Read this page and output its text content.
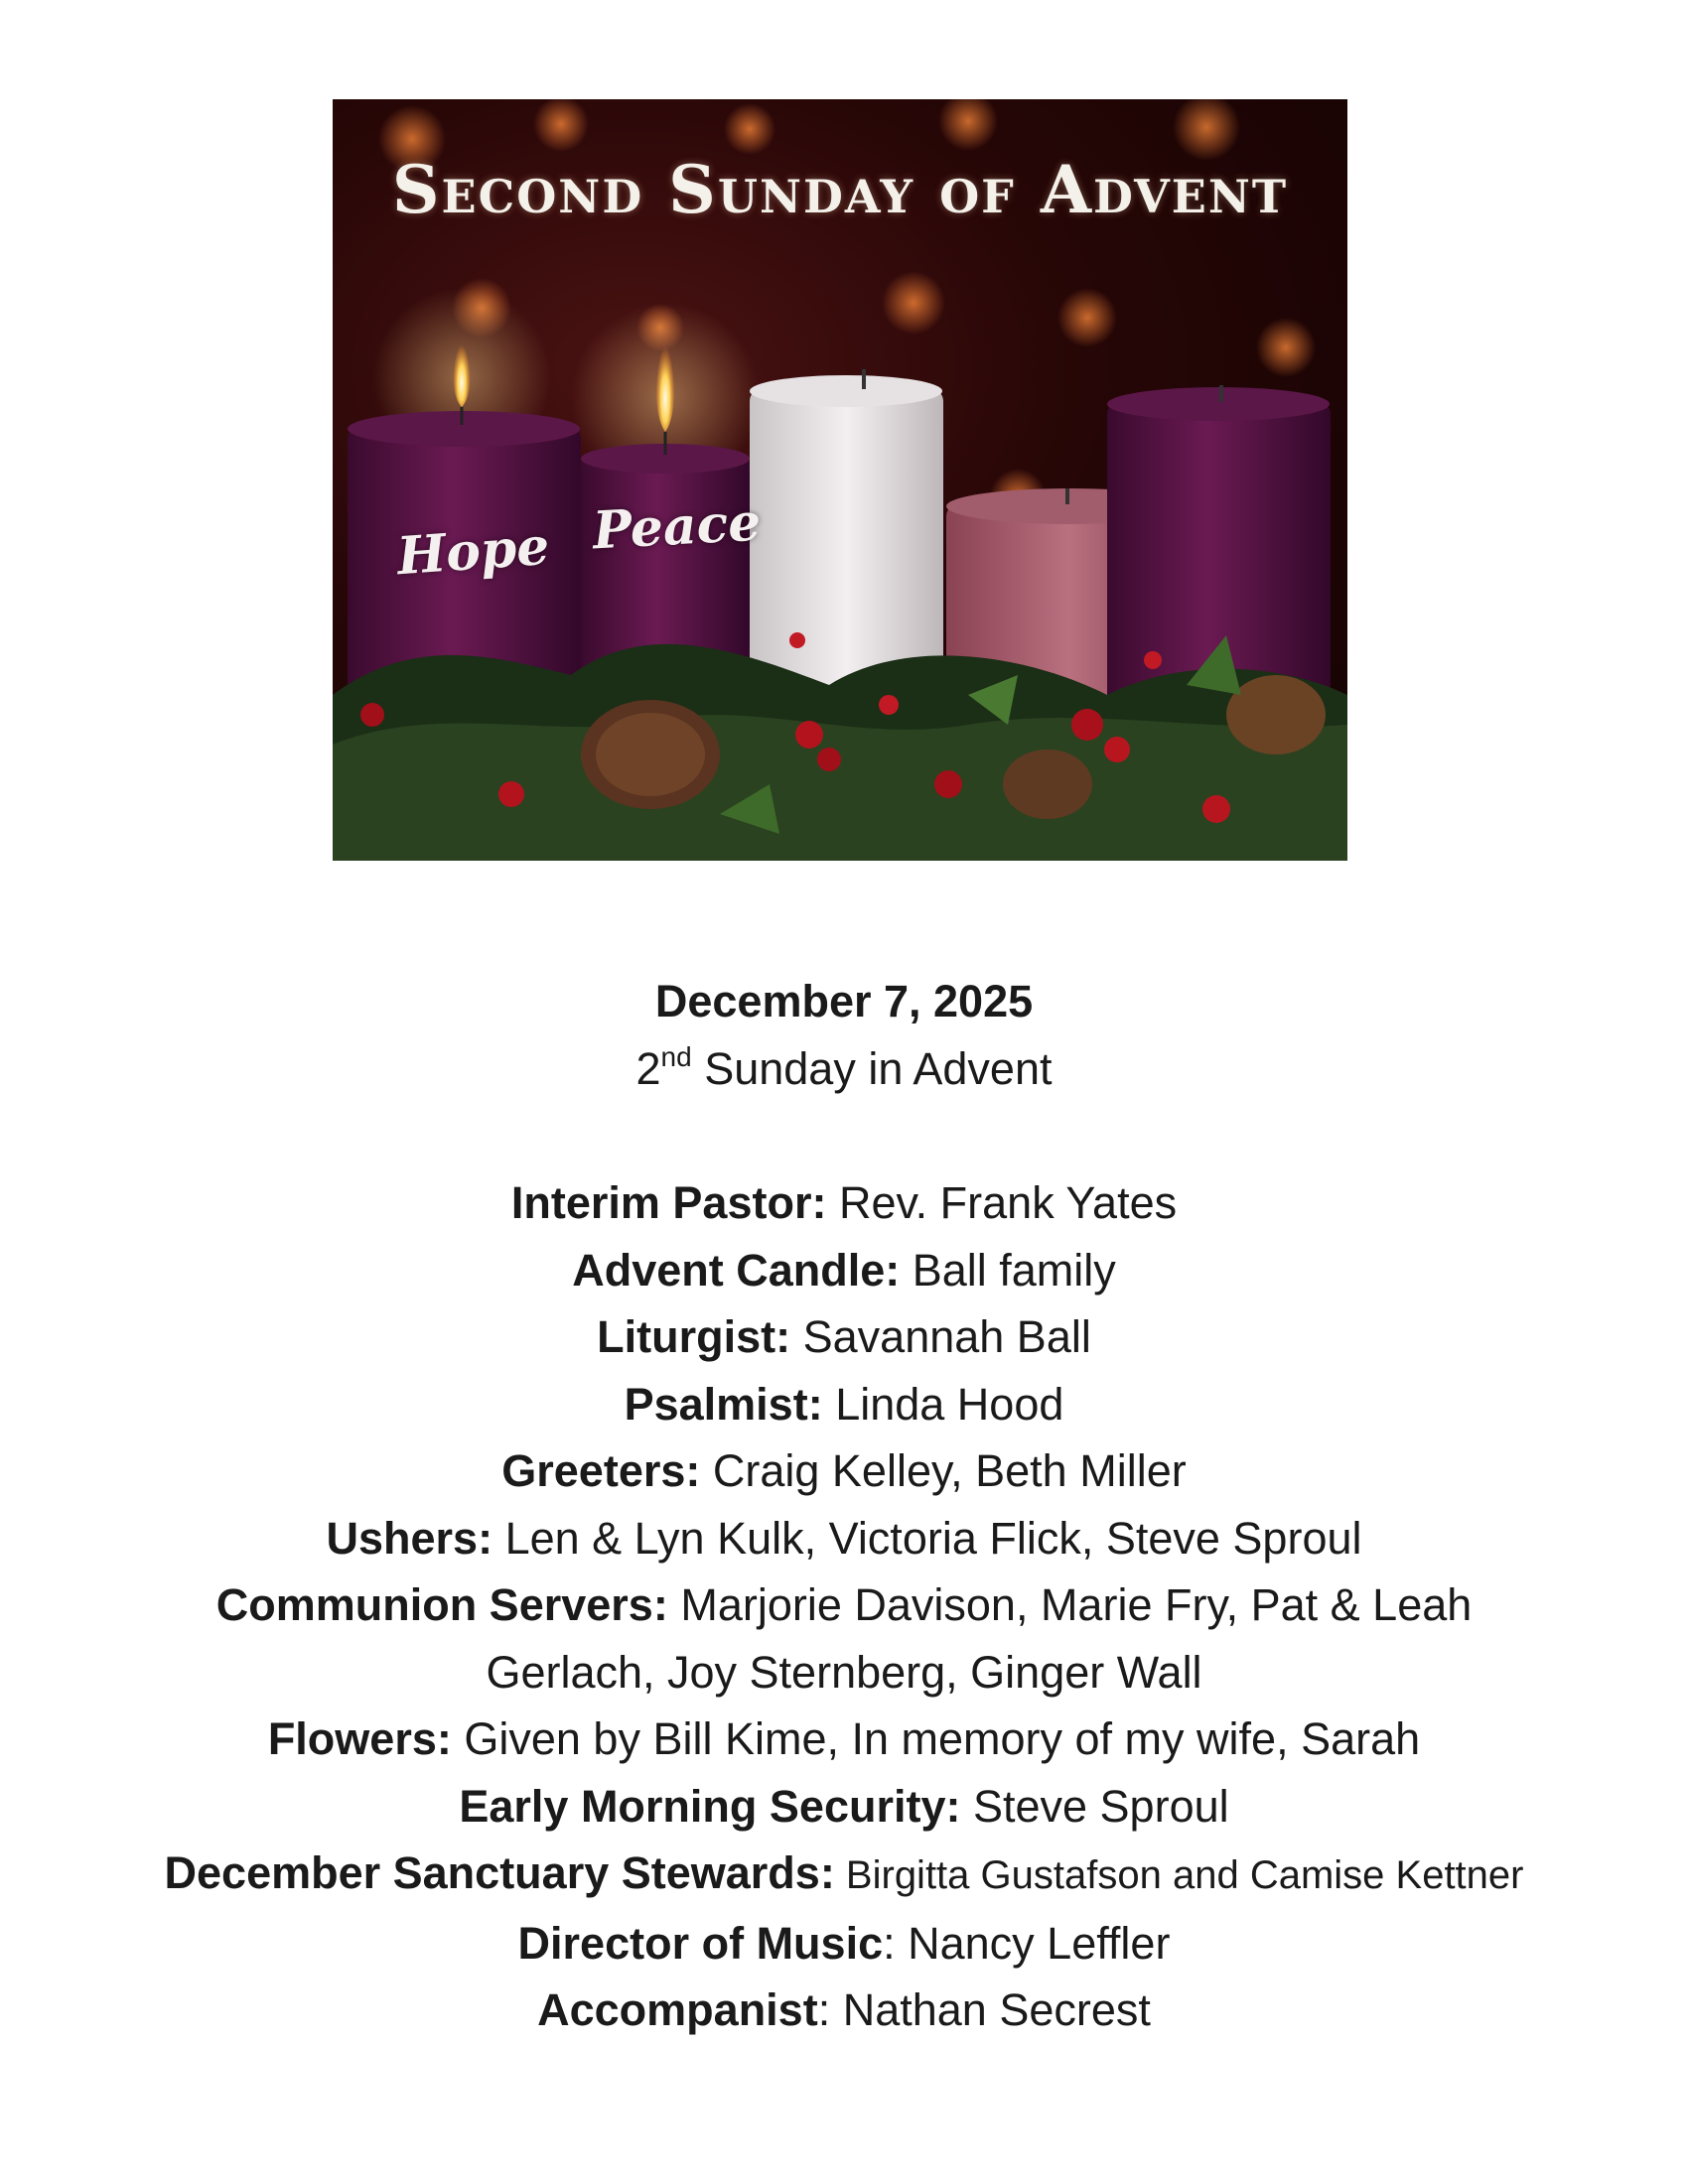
Second Sunday of Advent
Hope Peace
December 7, 2025
2nd Sunday in Advent
Interim Pastor: Rev. Frank Yates
Advent Candle: Ball family
Liturgist: Savannah Ball
Psalmist: Linda Hood
Greeters: Craig Kelley, Beth Miller
Ushers: Len & Lyn Kulk, Victoria Flick, Steve Sproul
Communion Servers: Marjorie Davison, Marie Fry, Pat & Leah Gerlach, Joy Sternberg, Ginger Wall
Flowers: Given by Bill Kime, In memory of my wife, Sarah
Early Morning Security: Steve Sproul
December Sanctuary Stewards: Birgitta Gustafson and Camise Kettner
Director of Music: Nancy Leffler
Accompanist: Nathan Secrest
